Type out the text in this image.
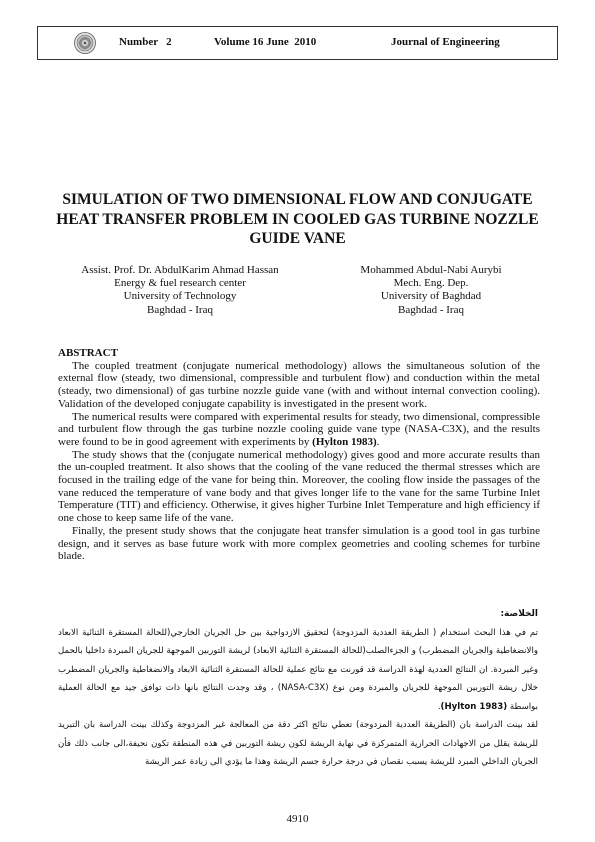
Number   2	Volume 16 June  2010	Journal of Engineering
SIMULATION OF TWO DIMENSIONAL FLOW AND CONJUGATE HEAT TRANSFER PROBLEM IN COOLED GAS TURBINE NOZZLE GUIDE VANE
Assist. Prof. Dr. AbdulKarim Ahmad Hassan
Energy & fuel research center
University of Technology
Baghdad - Iraq
Mohammed Abdul-Nabi Aurybi
Mech. Eng. Dep.
University of Baghdad
Baghdad - Iraq
ABSTRACT

The coupled treatment (conjugate numerical methodology) allows the simultaneous solution of the external flow (steady, two dimensional, compressible and turbulent flow) and conduction within the metal (steady, two dimensional) of gas turbine nozzle guide vane (with and without internal convection cooling). Validation of the developed conjugate capability is investigated in the present work.

The numerical results were compared with experimental results for steady, two dimensional, compressible and turbulent flow through the gas turbine nozzle cooling guide vane type (NASA-C3X), and the results were found to be in good agreement with experiments by (Hylton 1983).

The study shows that the (conjugate numerical methodology) gives good and more accurate results than the un-coupled treatment. It also shows that the cooling of the vane reduced the thermal stresses which are focused in the trailing edge of the vane for being thin. Moreover, the cooling flow inside the passages of the vane reduced the temperature of vane body and that gives longer life to the vane for the same Turbine Inlet Temperature (TIT) and efficiency. Otherwise, it gives higher Turbine Inlet Temperature and high efficiency if one chose to keep same life of the vane.

Finally, the present study shows that the conjugate heat transfer simulation is a good tool in gas turbine design, and it serves as base future work with more complex geometries and cooling schemes for turbine blade.

الخلاصة:

تم في هذا البحث استخدام ( الطريقة العددية المزدوجة) لتحقيق الازدواجية بين حل الجريان الخارجي(للحالة المستقرة الثنائية الابعاد والانضغاطية والجريان المضطرب) و الجزءالصلب(للحالة المستقرة الثنائية الابعاد) لريشة التوربين الموجهة للجريان المبردة داخليا بالحمل وغير المبردة. ان النتائج العددية لهذة الدراسة قد قورنت مع نتائج عملية للحالة المستقرة الثنائية الابعاد والانضغاطية والجريان المضطرب خلال ريشة التوربين الموجهة للجريان والمبردة ومن نوع (NASA-C3X) ، وقد وجدت النتائج بانها ذات توافق جيد مع الحالة العملية بواسطة (Hylton 1983).

لقد بينت الدراسة بان (الطريقة العددية المزدوجة) تعطي نتائج اكثر دقة من المعالجة غير المزدوجة وكذلك بينت الدراسة بان التبريد للريشة يقلل من الاجهادات الحرارية المتمركزة في نهاية الريشة لكون ريشة التوربين في هذه المنطقة تكون نحيفة،الى جانب ذلك فأن الجريان الداخلي المبرد للريشة يسبب نقصان في درجة حرارة جسم الريشة وهذا ما يؤدي الى زيادة عمر الريشة

4910
